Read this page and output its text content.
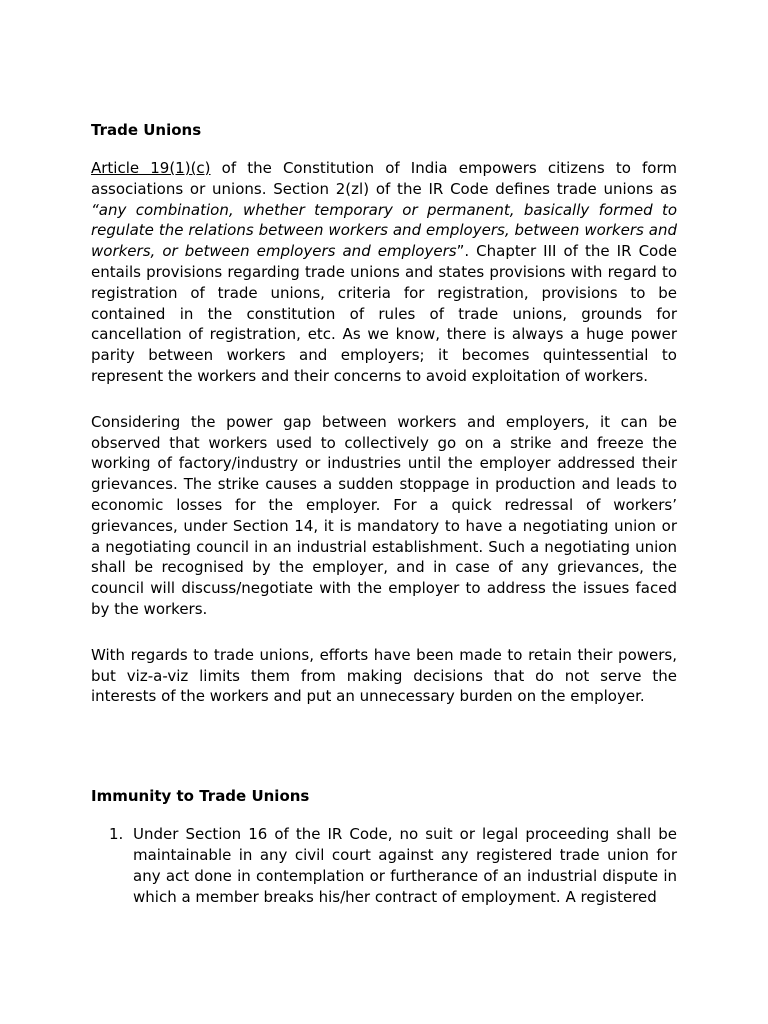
Trade Unions

Article 19(1)(c) of the Constitution of India empowers citizens to form associations or unions. Section 2(zl) of the IR Code defines trade unions as “any combination, whether temporary or permanent, basically formed to regulate the relations between workers and employers, between workers and workers, or between employers and employers”. Chapter III of the IR Code entails provisions regarding trade unions and states provisions with regard to registration of trade unions, criteria for registration, provisions to be contained in the constitution of rules of trade unions, grounds for cancellation of registration, etc. As we know, there is always a huge power parity between workers and employers; it becomes quintessential to represent the workers and their concerns to avoid exploitation of workers.

Considering the power gap between workers and employers, it can be observed that workers used to collectively go on a strike and freeze the working of factory/industry or industries until the employer addressed their grievances. The strike causes a sudden stoppage in production and leads to economic losses for the employer. For a quick redressal of workers’ grievances, under Section 14, it is mandatory to have a negotiating union or a negotiating council in an industrial establishment. Such a negotiating union shall be recognised by the employer, and in case of any grievances, the council will discuss/negotiate with the employer to address the issues faced by the workers.

With regards to trade unions, efforts have been made to retain their powers, but viz-a-viz limits them from making decisions that do not serve the interests of the workers and put an unnecessary burden on the employer.

Immunity to Trade Unions

1. Under Section 16 of the IR Code, no suit or legal proceeding shall be maintainable in any civil court against any registered trade union for any act done in contemplation or furtherance of an industrial dispute in which a member breaks his/her contract of employment. A registered
